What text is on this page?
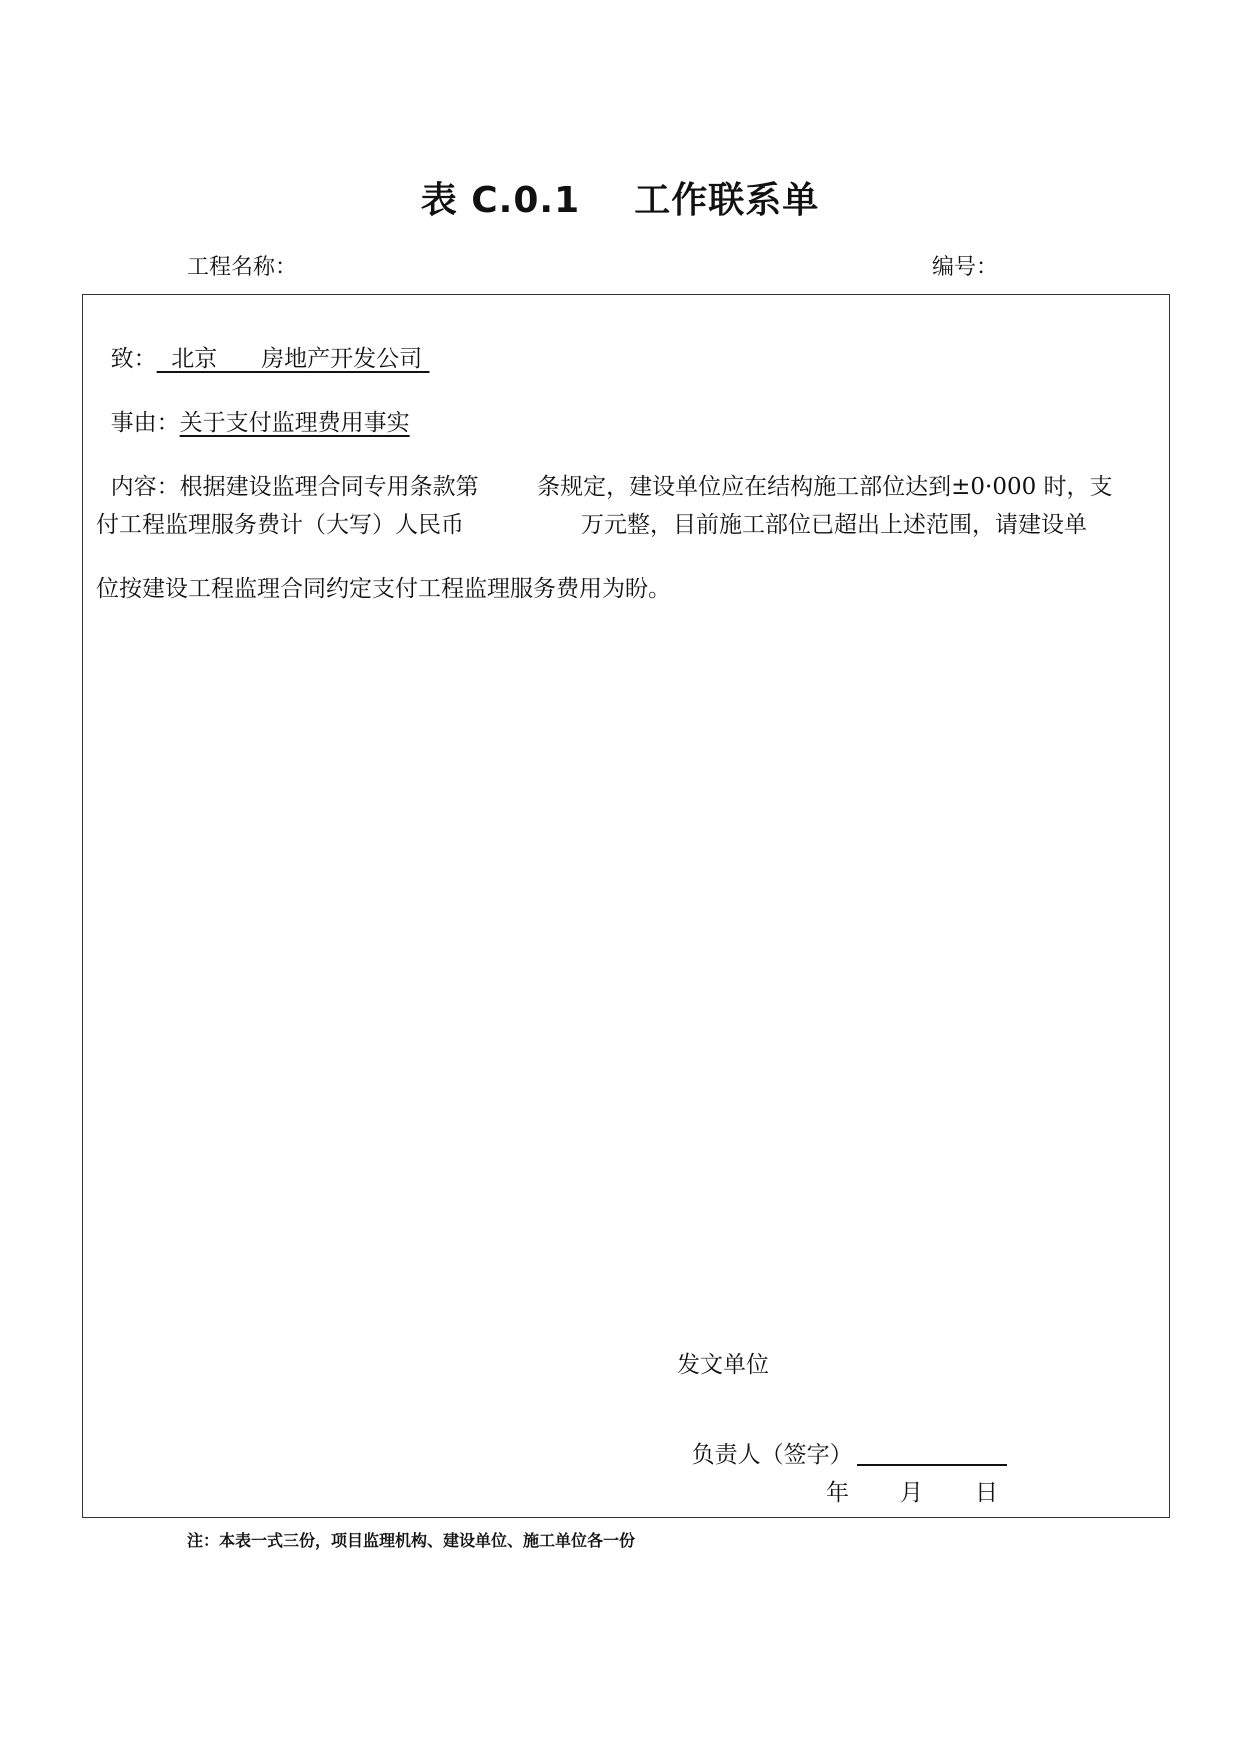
表 C.0.1    工作联系单
工程名称：	编号：

致：  北京      房地产开发公司

事由：关于支付监理费用事实

内容：根据建设监理合同专用条款第        条规定，建设单位应在结构施工部位达到±0·000 时，支

付工程监理服务费计（大写）人民币                万元整，目前施工部位已超出上述范围，请建设单
位按建设工程监理合同约定支付工程监理服务费用为盼。
发文单位

负责人（签字）

年 月 日
注：本表一式三份，项目监理机构、建设单位、施工单位各一份
